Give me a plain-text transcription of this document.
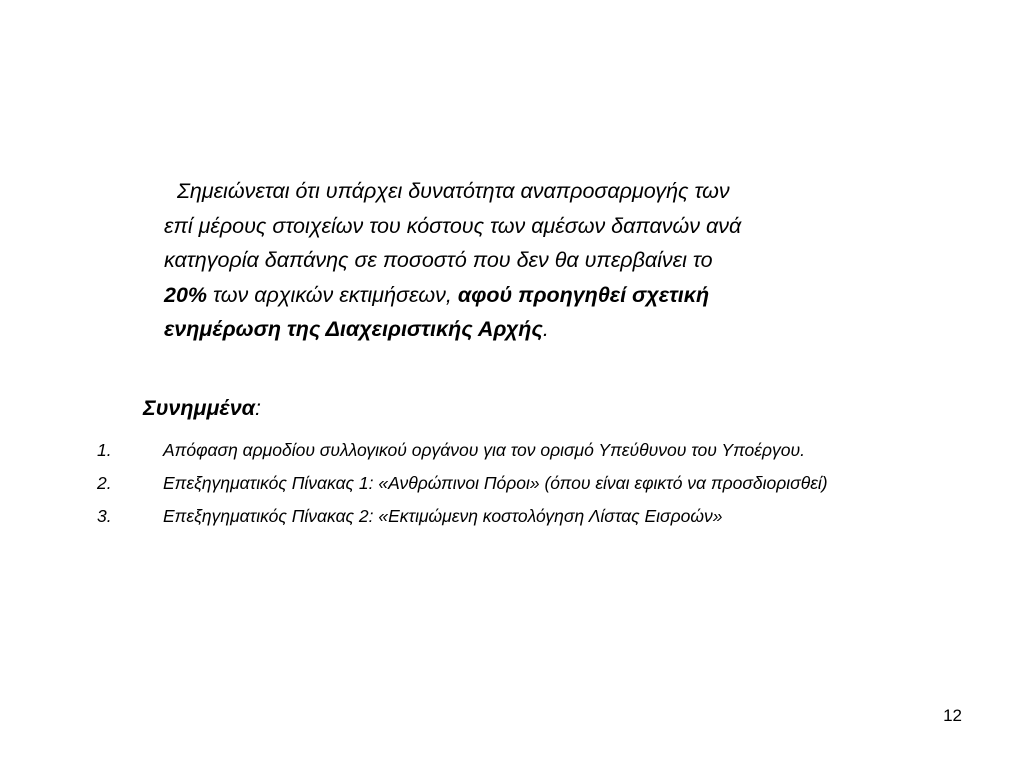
Σημειώνεται ότι υπάρχει δυνατότητα αναπροσαρμογής των
επί μέρους στοιχείων του κόστους των αμέσων δαπανών ανά
κατηγορία δαπάνης σε ποσοστό που δεν θα υπερβαίνει το
20% των αρχικών εκτιμήσεων, αφού προηγηθεί σχετική
ενημέρωση της Διαχειριστικής Αρχής.

Συνημμένα:

1.	Απόφαση αρμοδίου συλλογικού οργάνου για τον ορισμό Υπεύθυνου του Υποέργου.
2.	Επεξηγηματικός Πίνακας 1: «Ανθρώπινοι Πόροι» (όπου είναι εφικτό να προσδιορισθεί)
3.	Επεξηγηματικός Πίνακας 2: «Εκτιμώμενη κοστολόγηση Λίστας Εισροών»
12
